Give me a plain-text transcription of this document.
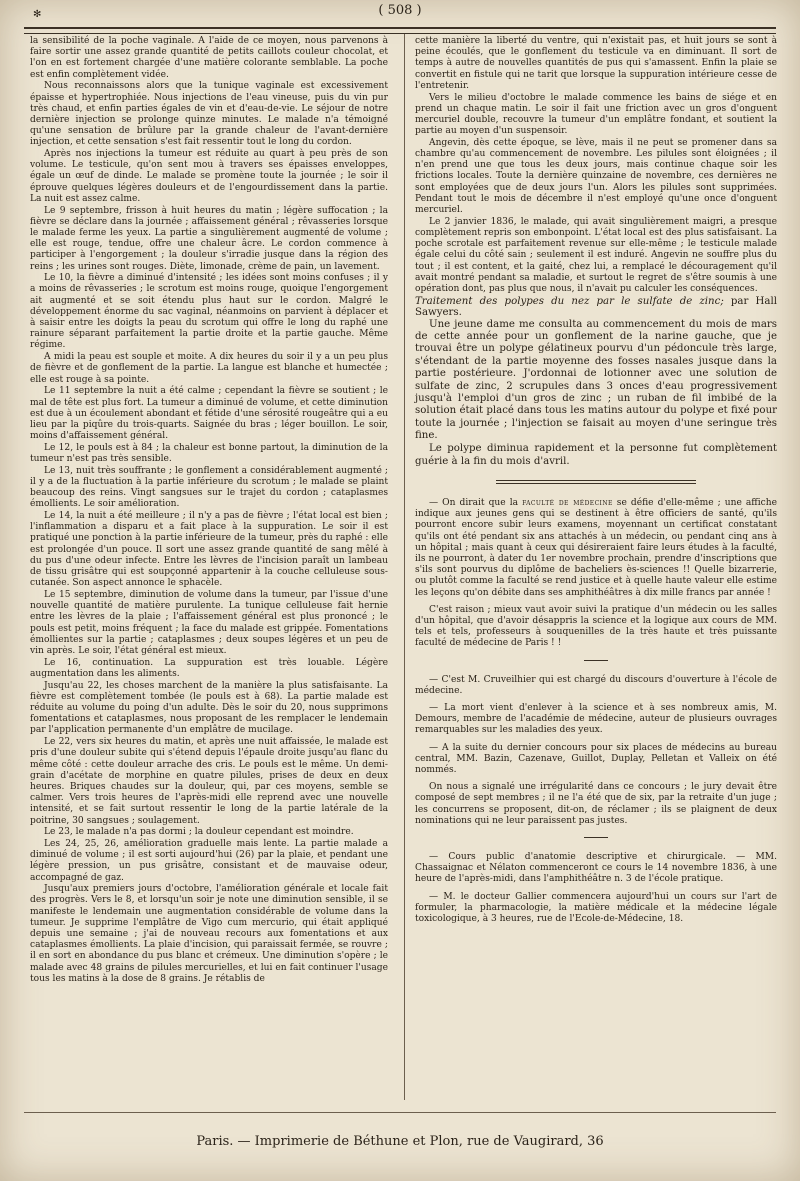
✻	( 508 )

la sensibilité de la poche vaginale. A l'aide de ce moyen, nous parvenons à faire sortir une assez grande quantité de petits caillots couleur chocolat, et l'on en est fortement chargée d'une matière colorante semblable. La poche est enfin complètement vidée.

Nous reconnaissons alors que la tunique vaginale est excessivement épaisse et hypertrophiée. Nous injections de l'eau vineuse, puis du vin pur très chaud, et enfin parties égales de vin et d'eau-de-vie. Le séjour de notre dernière injection se prolonge quinze minutes. Le malade n'a témoigné qu'une sensation de brûlure par la grande chaleur de l'avant-dernière injection, et cette sensation s'est fait ressentir tout le long du cordon.

Après nos injections la tumeur est réduite au quart à peu près de son volume. Le testicule, qu'on sent mou à travers ses épaisses enveloppes, égale un œuf de dinde. Le malade se promène toute la journée ; le soir il éprouve quelques légères douleurs et de l'engourdissement dans la partie. La nuit est assez calme.

Le 9 septembre, frisson à huit heures du matin ; légère suffocation ; la fièvre se déclare dans la journée ; affaissement général ; rêvasseries lorsque le malade ferme les yeux. La partie a singulièrement augmenté de volume ; elle est rouge, tendue, offre une chaleur âcre. Le cordon commence à participer à l'engorgement ; la douleur s'irradie jusque dans la région des reins ; les urines sont rouges. Diète, limonade, crème de pain, un lavement.

Le 10, la fièvre a diminué d'intensité ; les idées sont moins confuses ; il y a moins de rêvasseries ; le scrotum est moins rouge, quoique l'engorgement ait augmenté et se soit étendu plus haut sur le cordon. Malgré le développement énorme du sac vaginal, néanmoins on parvient à déplacer et à saisir entre les doigts la peau du scrotum qui offre le long du raphé une rainure séparant parfaitement la partie droite et la partie gauche. Même régime.

A midi la peau est souple et moite. A dix heures du soir il y a un peu plus de fièvre et de gonflement de la partie. La langue est blanche et humectée ; elle est rouge à sa pointe.

Le 11 septembre la nuit a été calme ; cependant la fièvre se soutient ; le mal de tête est plus fort. La tumeur a diminué de volume, et cette diminution est due à un écoulement abondant et fétide d'une sérosité rougeâtre qui a eu lieu par la piqûre du trois-quarts. Saignée du bras ; léger bouillon. Le soir, moins d'affaissement général.

Le 12, le pouls est à 84 ; la chaleur est bonne partout, la diminution de la tumeur n'est pas très sensible.

Le 13, nuit très souffrante ; le gonflement a considérablement augmenté ; il y a de la fluctuation à la partie inférieure du scrotum ; le malade se plaint beaucoup des reins. Vingt sangsues sur le trajet du cordon ; cataplasmes émollients. Le soir amélioration.

Le 14, la nuit a été meilleure ; il n'y a pas de fièvre ; l'état local est bien ; l'inflammation a disparu et a fait place à la suppuration. Le soir il est pratiqué une ponction à la partie inférieure de la tumeur, près du raphé : elle est prolongée d'un pouce. Il sort une assez grande quantité de sang mêlé à du pus d'une odeur infecte. Entre les lèvres de l'incision paraît un lambeau de tissu grisâtre qui est soupçonné appartenir à la couche celluleuse sous-cutanée. Son aspect annonce le sphacèle.

Le 15 septembre, diminution de volume dans la tumeur, par l'issue d'une nouvelle quantité de matière purulente. La tunique celluleuse fait hernie entre les lèvres de la plaie ; l'affaissement général est plus prononcé ; le pouls est petit, moins fréquent ; la face du malade est grippée. Fomentations émollientes sur la partie ; cataplasmes ; deux soupes légères et un peu de vin après. Le soir, l'état général est mieux.

Le 16, continuation. La suppuration est très louable. Légère augmentation dans les aliments.

Jusqu'au 22, les choses marchent de la manière la plus satisfaisante. La fièvre est complètement tombée (le pouls est à 68). La partie malade est réduite au volume du poing d'un adulte. Dès le soir du 20, nous supprimons fomentations et cataplasmes, nous proposant de les remplacer le lendemain par l'application permanente d'un emplâtre de mucilage.

Le 22, vers six heures du matin, et après une nuit affaissée, le malade est pris d'une douleur subite qui s'étend depuis l'épaule droite jusqu'au flanc du même côté : cette douleur arrache des cris. Le pouls est le même. Un demi-grain d'acétate de morphine en quatre pilules, prises de deux en deux heures. Briques chaudes sur la douleur, qui, par ces moyens, semble se calmer. Vers trois heures de l'après-midi elle reprend avec une nouvelle intensité, et se fait surtout ressentir le long de la partie latérale de la poitrine, 30 sangsues ; soulagement.

Le 23, le malade n'a pas dormi ; la douleur cependant est moindre.

Les 24, 25, 26, amélioration graduelle mais lente. La partie malade a diminué de volume ; il est sorti aujourd'hui (26) par la plaie, et pendant une légère pression, un pus grisâtre, consistant et de mauvaise odeur, accompagné de gaz.

Jusqu'aux premiers jours d'octobre, l'amélioration générale et locale fait des progrès. Vers le 8, et lorsqu'un soir je note une diminution sensible, il se manifeste le lendemain une augmentation considérable de volume dans la tumeur. Je supprime l'emplâtre de Vigo cum mercurio, qui était appliqué depuis une semaine ; j'ai de nouveau recours aux fomentations et aux cataplasmes émollients. La plaie d'incision, qui paraissait fermée, se rouvre ; il en sort en abondance du pus blanc et crémeux. Une diminution s'opère ; le malade avec 48 grains de pilules mercurielles, et lui en fait continuer l'usage tous les matins à la dose de 8 grains. Je rétablis de

cette manière la liberté du ventre, qui n'existait pas, et huit jours se sont à peine écoulés, que le gonflement du testicule va en diminuant. Il sort de temps à autre de nouvelles quantités de pus qui s'amassent. Enfin la plaie se convertit en fistule qui ne tarit que lorsque la suppuration intérieure cesse de l'entretenir.

Vers le milieu d'octobre le malade commence les bains de siége et en prend un chaque matin. Le soir il fait une friction avec un gros d'onguent mercuriel double, recouvre la tumeur d'un emplâtre fondant, et soutient la partie au moyen d'un suspensoir.

Angevin, dès cette époque, se lève, mais il ne peut se promener dans sa chambre qu'au commencement de novembre. Les pilules sont éloignées ; il n'en prend une que tous les deux jours, mais continue chaque soir les frictions locales. Toute la dernière quinzaine de novembre, ces dernières ne sont employées que de deux jours l'un. Alors les pilules sont supprimées. Pendant tout le mois de décembre il n'est employé qu'une once d'onguent mercuriel.

Le 2 janvier 1836, le malade, qui avait singulièrement maigri, a presque complètement repris son embonpoint. L'état local est des plus satisfaisant. La poche scrotale est parfaitement revenue sur elle-même ; le testicule malade égale celui du côté sain ; seulement il est induré. Angevin ne souffre plus du tout ; il est content, et la gaité, chez lui, a remplacé le découragement qu'il avait montré pendant sa maladie, et surtout le regret de s'être soumis à une opération dont, pas plus que nous, il n'avait pu calculer les conséquences.

Traitement des polypes du nez par le sulfate de zinc; par Hall Sawyers.

Une jeune dame me consulta au commencement du mois de mars de cette année pour un gonflement de la narine gauche, que je trouvai être un polype gélatineux pourvu d'un pédoncule très large, s'étendant de la partie moyenne des fosses nasales jusque dans la partie postérieure. J'ordonnai de lotionner avec une solution de sulfate de zinc, 2 scrupules dans 3 onces d'eau progressivement jusqu'à l'emploi d'un gros de zinc ; un ruban de fil imbibé de la solution était placé dans tous les matins autour du polype et fixé pour toute la journée ; l'injection se faisait au moyen d'une seringue très fine.

Le polype diminua rapidement et la personne fut complètement guérie à la fin du mois d'avril.

— On dirait que la faculté de médecine se défie d'elle-même ; une affiche indique aux jeunes gens qui se destinent à être officiers de santé, qu'ils pourront encore subir leurs examens, moyennant un certificat constatant qu'ils ont été pendant six ans attachés à un médecin, ou pendant cinq ans à un hôpital ; mais quant à ceux qui désireraient faire leurs études à la faculté, ils ne pourront, à dater du 1er novembre prochain, prendre d'inscriptions que s'ils sont pourvus du diplôme de bacheliers ès-sciences !! Quelle bizarrerie, ou plutôt comme la faculté se rend justice et à quelle haute valeur elle estime les leçons qu'on débite dans ses amphithéâtres à dix mille francs par année !

C'est raison ; mieux vaut avoir suivi la pratique d'un médecin ou les salles d'un hôpital, que d'avoir désappris la science et la logique aux cours de MM. tels et tels, professeurs à souquenilles de la très haute et très puissante faculté de médecine de Paris ! !

— C'est M. Cruveilhier qui est chargé du discours d'ouverture à l'école de médecine.

— La mort vient d'enlever à la science et à ses nombreux amis, M. Demours, membre de l'académie de médecine, auteur de plusieurs ouvrages remarquables sur les maladies des yeux.

— A la suite du dernier concours pour six places de médecins au bureau central, MM. Bazin, Cazenave, Guillot, Duplay, Pelletan et Valleix on été nommés.

On nous a signalé une irrégularité dans ce concours ; le jury devait être composé de sept membres ; il ne l'a été que de six, par la retraite d'un juge ; les concurrens se proposent, dit-on, de réclamer ; ils se plaignent de deux nominations qui ne leur paraissent pas justes.

— Cours public d'anatomie descriptive et chirurgicale. — MM. Chassaignac et Nélaton commenceront ce cours le 14 novembre 1836, à une heure de l'après-midi, dans l'amphithéâtre n. 3 de l'école pratique.

— M. le docteur Gallier commencera aujourd'hui un cours sur l'art de formuler, la pharmacologie, la matière médicale et la médecine légale toxicologique, à 3 heures, rue de l'Ecole-de-Médecine, 18.

Paris. — Imprimerie de Béthune et Plon, rue de Vaugirard, 36
